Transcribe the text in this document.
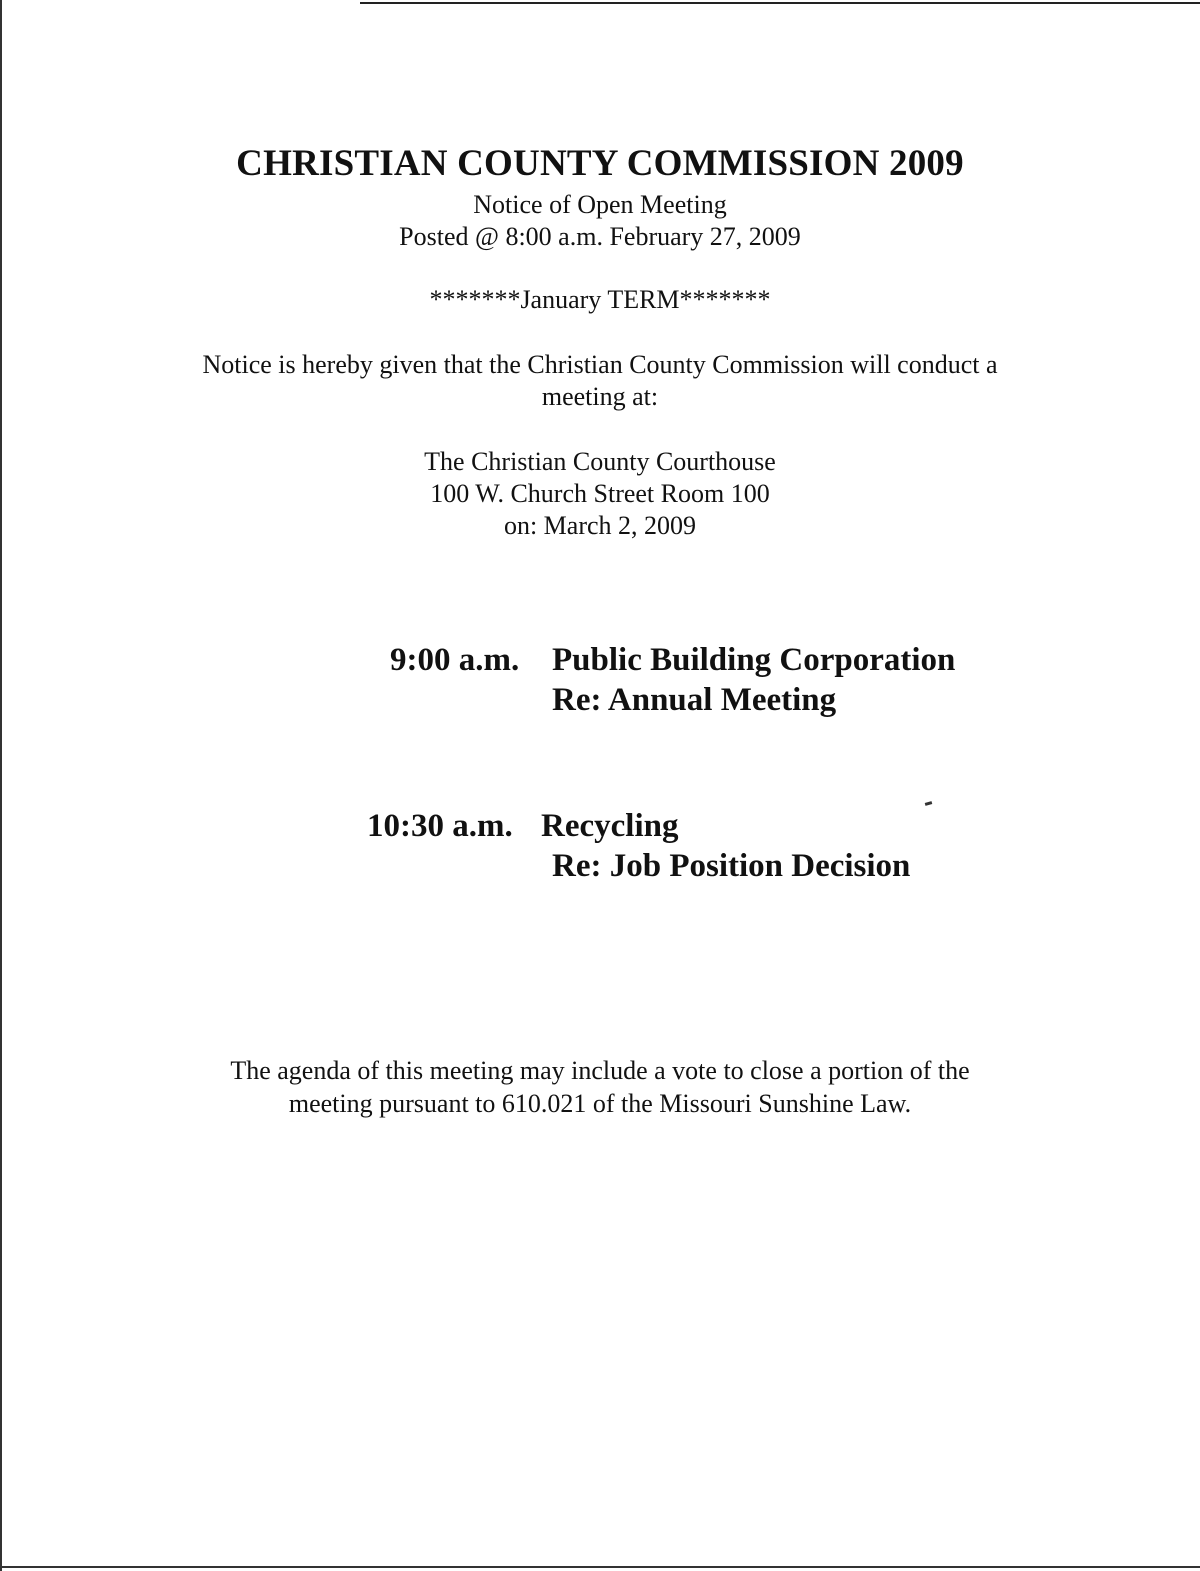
CHRISTIAN COUNTY COMMISSION 2009
Notice of Open Meeting
Posted @ 8:00 a.m. February 27, 2009
*******January TERM*******
Notice is hereby given that the Christian County Commission will conduct a
meeting at:
The Christian County Courthouse
100 W. Church Street Room 100
on: March 2, 2009
9:00 a.m. Public Building Corporation
Re: Annual Meeting
10:30 a.m. Recycling
Re: Job Position Decision
The agenda of this meeting may include a vote to close a portion of the
meeting pursuant to 610.021 of the Missouri Sunshine Law.
